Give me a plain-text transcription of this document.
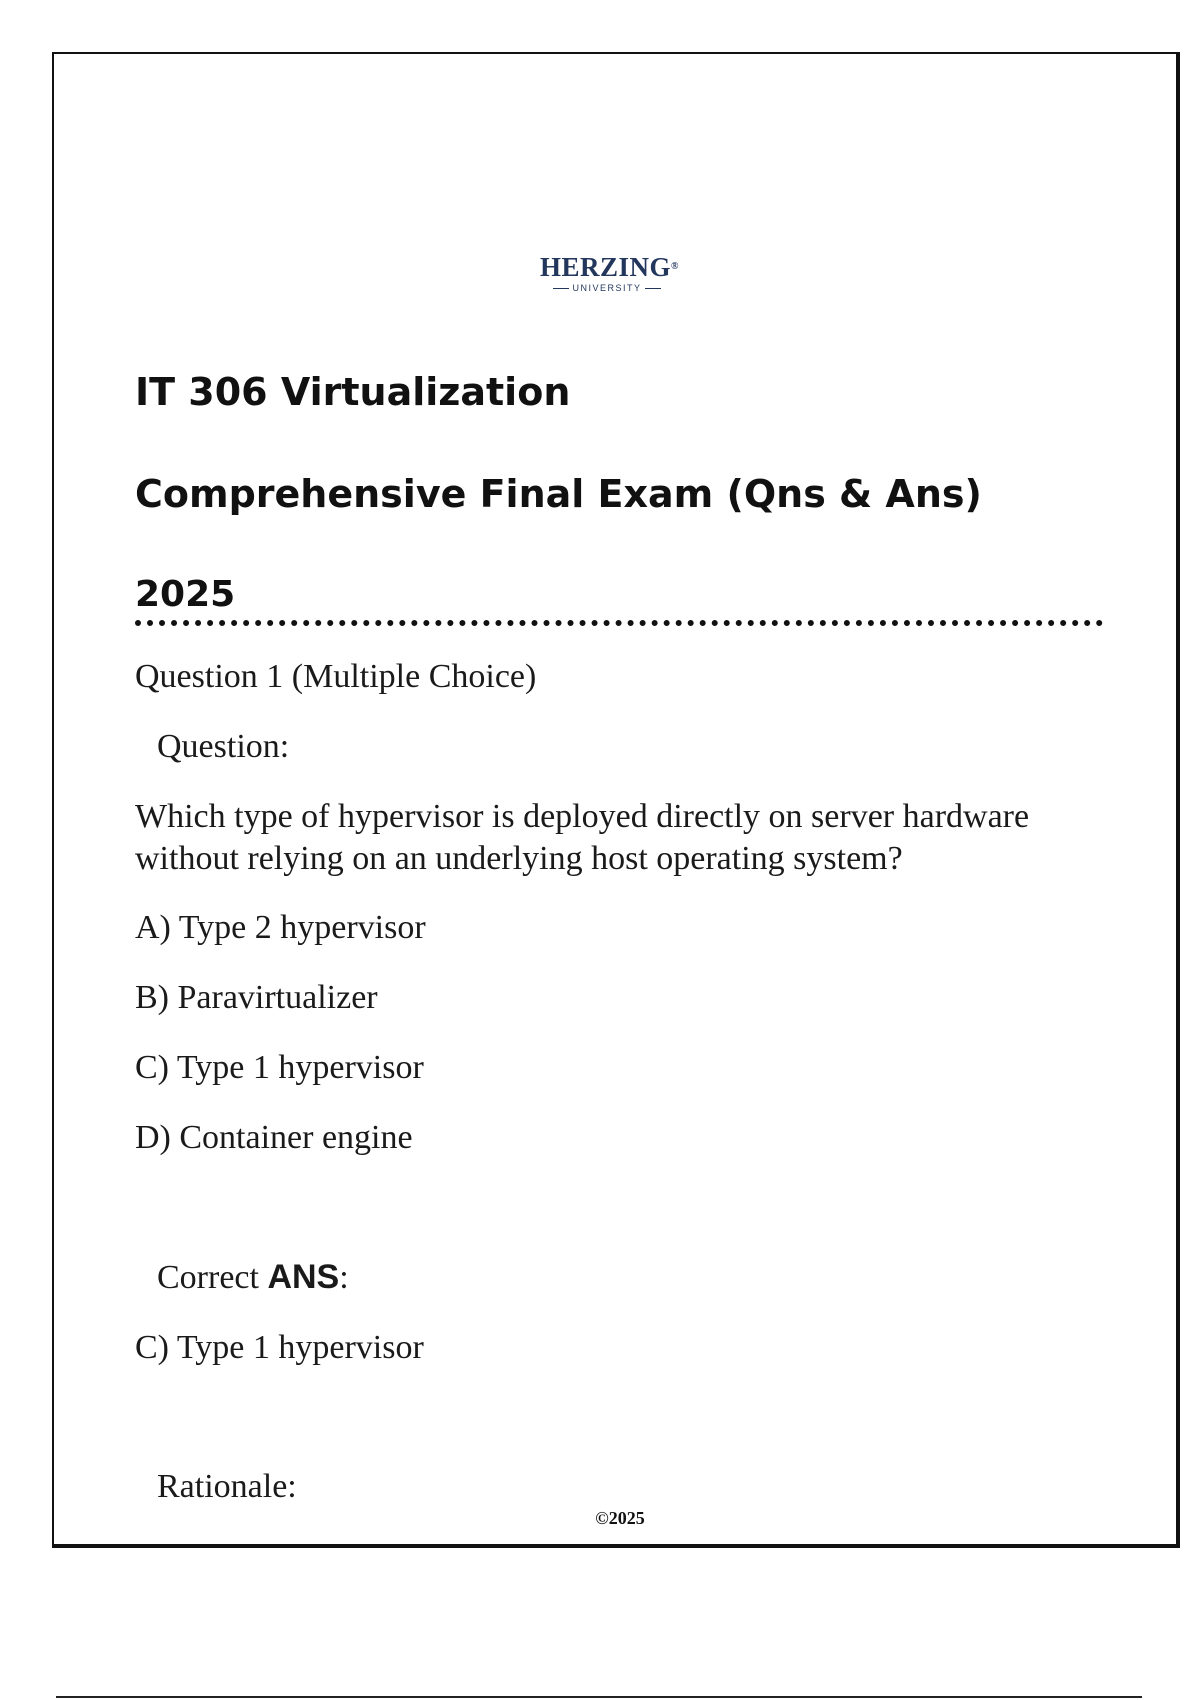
HERZING®
UNIVERSITY
IT 306 Virtualization
Comprehensive Final Exam (Qns & Ans)
2025
Question 1 (Multiple Choice)
Question:
Which type of hypervisor is deployed directly on server hardware without relying on an underlying host operating system?
A) Type 2 hypervisor
B) Paravirtualizer
C) Type 1 hypervisor
D) Container engine
Correct ANS:
C) Type 1 hypervisor
Rationale:
©2025
